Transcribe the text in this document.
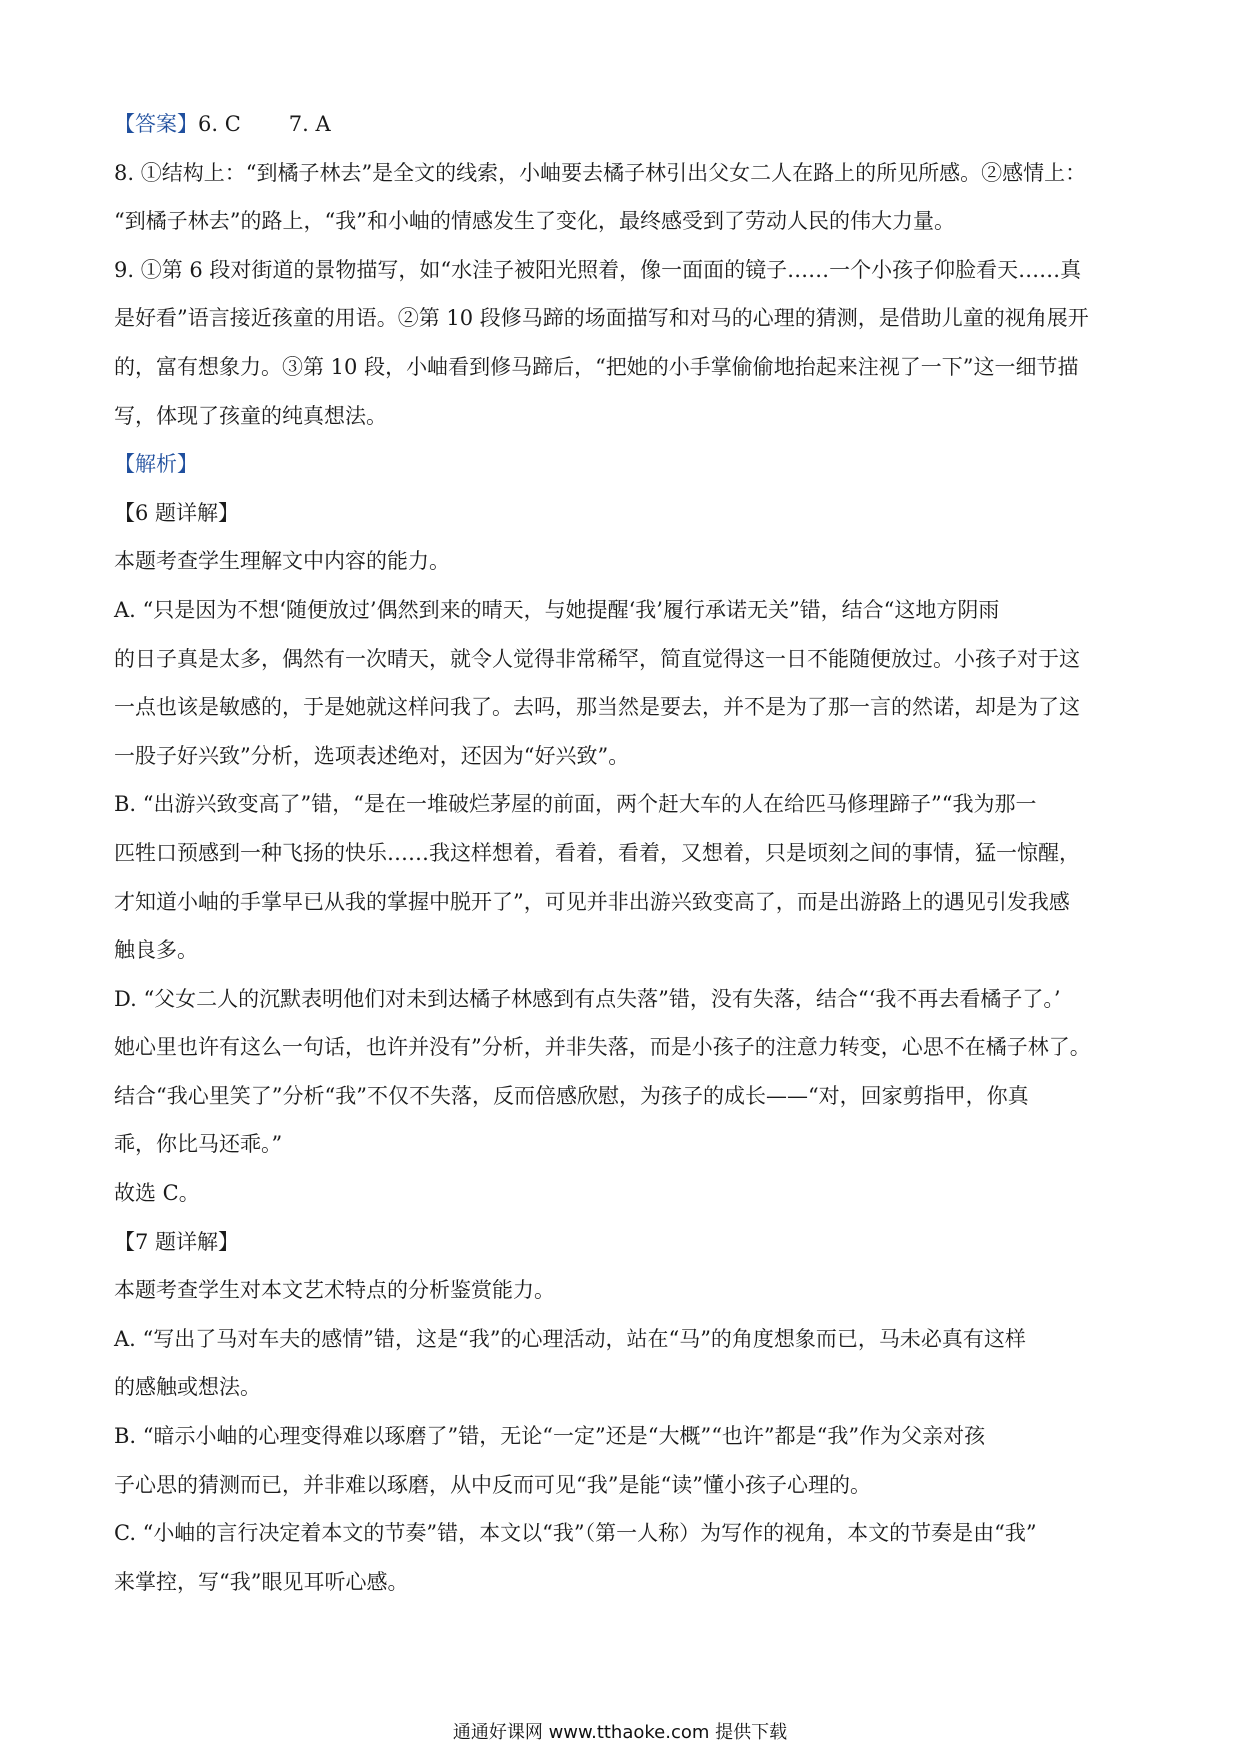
【答案】6. C 7. A
8. ①结构上：“到橘子林去”是全文的线索，小岫要去橘子林引出父女二人在路上的所见所感。②感情上：
“到橘子林去”的路上，“我”和小岫的情感发生了变化，最终感受到了劳动人民的伟大力量。
9. ①第 6 段对街道的景物描写，如“水洼子被阳光照着，像一面面的镜子……一个小孩子仰脸看天……真
是好看”语言接近孩童的用语。②第 10 段修马蹄的场面描写和对马的心理的猜测，是借助儿童的视角展开
的，富有想象力。③第 10 段，小岫看到修马蹄后，“把她的小手掌偷偷地抬起来注视了一下”这一细节描
写，体现了孩童的纯真想法。
【解析】
【6 题详解】
本题考查学生理解文中内容的能力。
A. “只是因为不想‘随便放过’偶然到来的晴天，与她提醒‘我’履行承诺无关”错，结合“这地方阴雨
的日子真是太多，偶然有一次晴天，就令人觉得非常稀罕，简直觉得这一日不能随便放过。小孩子对于这
一点也该是敏感的，于是她就这样问我了。去吗，那当然是要去，并不是为了那一言的然诺，却是为了这
一股子好兴致”分析，选项表述绝对，还因为“好兴致”。
B. “出游兴致变高了”错，“是在一堆破烂茅屋的前面，两个赶大车的人在给匹马修理蹄子”“我为那一
匹牲口预感到一种飞扬的快乐……我这样想着，看着，看着，又想着，只是顷刻之间的事情，猛一惊醒，
才知道小岫的手掌早已从我的掌握中脱开了”，可见并非出游兴致变高了，而是出游路上的遇见引发我感
触良多。
D. “父女二人的沉默表明他们对未到达橘子林感到有点失落”错，没有失落，结合“‘我不再去看橘子了。’
她心里也许有这么一句话，也许并没有”分析，并非失落，而是小孩子的注意力转变，心思不在橘子林了。
结合“我心里笑了”分析“我”不仅不失落，反而倍感欣慰，为孩子的成长——“对，回家剪指甲，你真
乖，你比马还乖。”
故选 C。
【7 题详解】
本题考查学生对本文艺术特点的分析鉴赏能力。
A. “写出了马对车夫的感情”错，这是“我”的心理活动，站在“马”的角度想象而已，马未必真有这样
的感触或想法。
B. “暗示小岫的心理变得难以琢磨了”错，无论“一定”还是“大概”“也许”都是“我”作为父亲对孩
子心思的猜测而已，并非难以琢磨，从中反而可见“我”是能“读”懂小孩子心理的。
C. “小岫的言行决定着本文的节奏”错，本文以“我”（第一人称）为写作的视角，本文的节奏是由“我”
来掌控，写“我”眼见耳听心感。
通通好课网 www.tthaoke.com 提供下载
